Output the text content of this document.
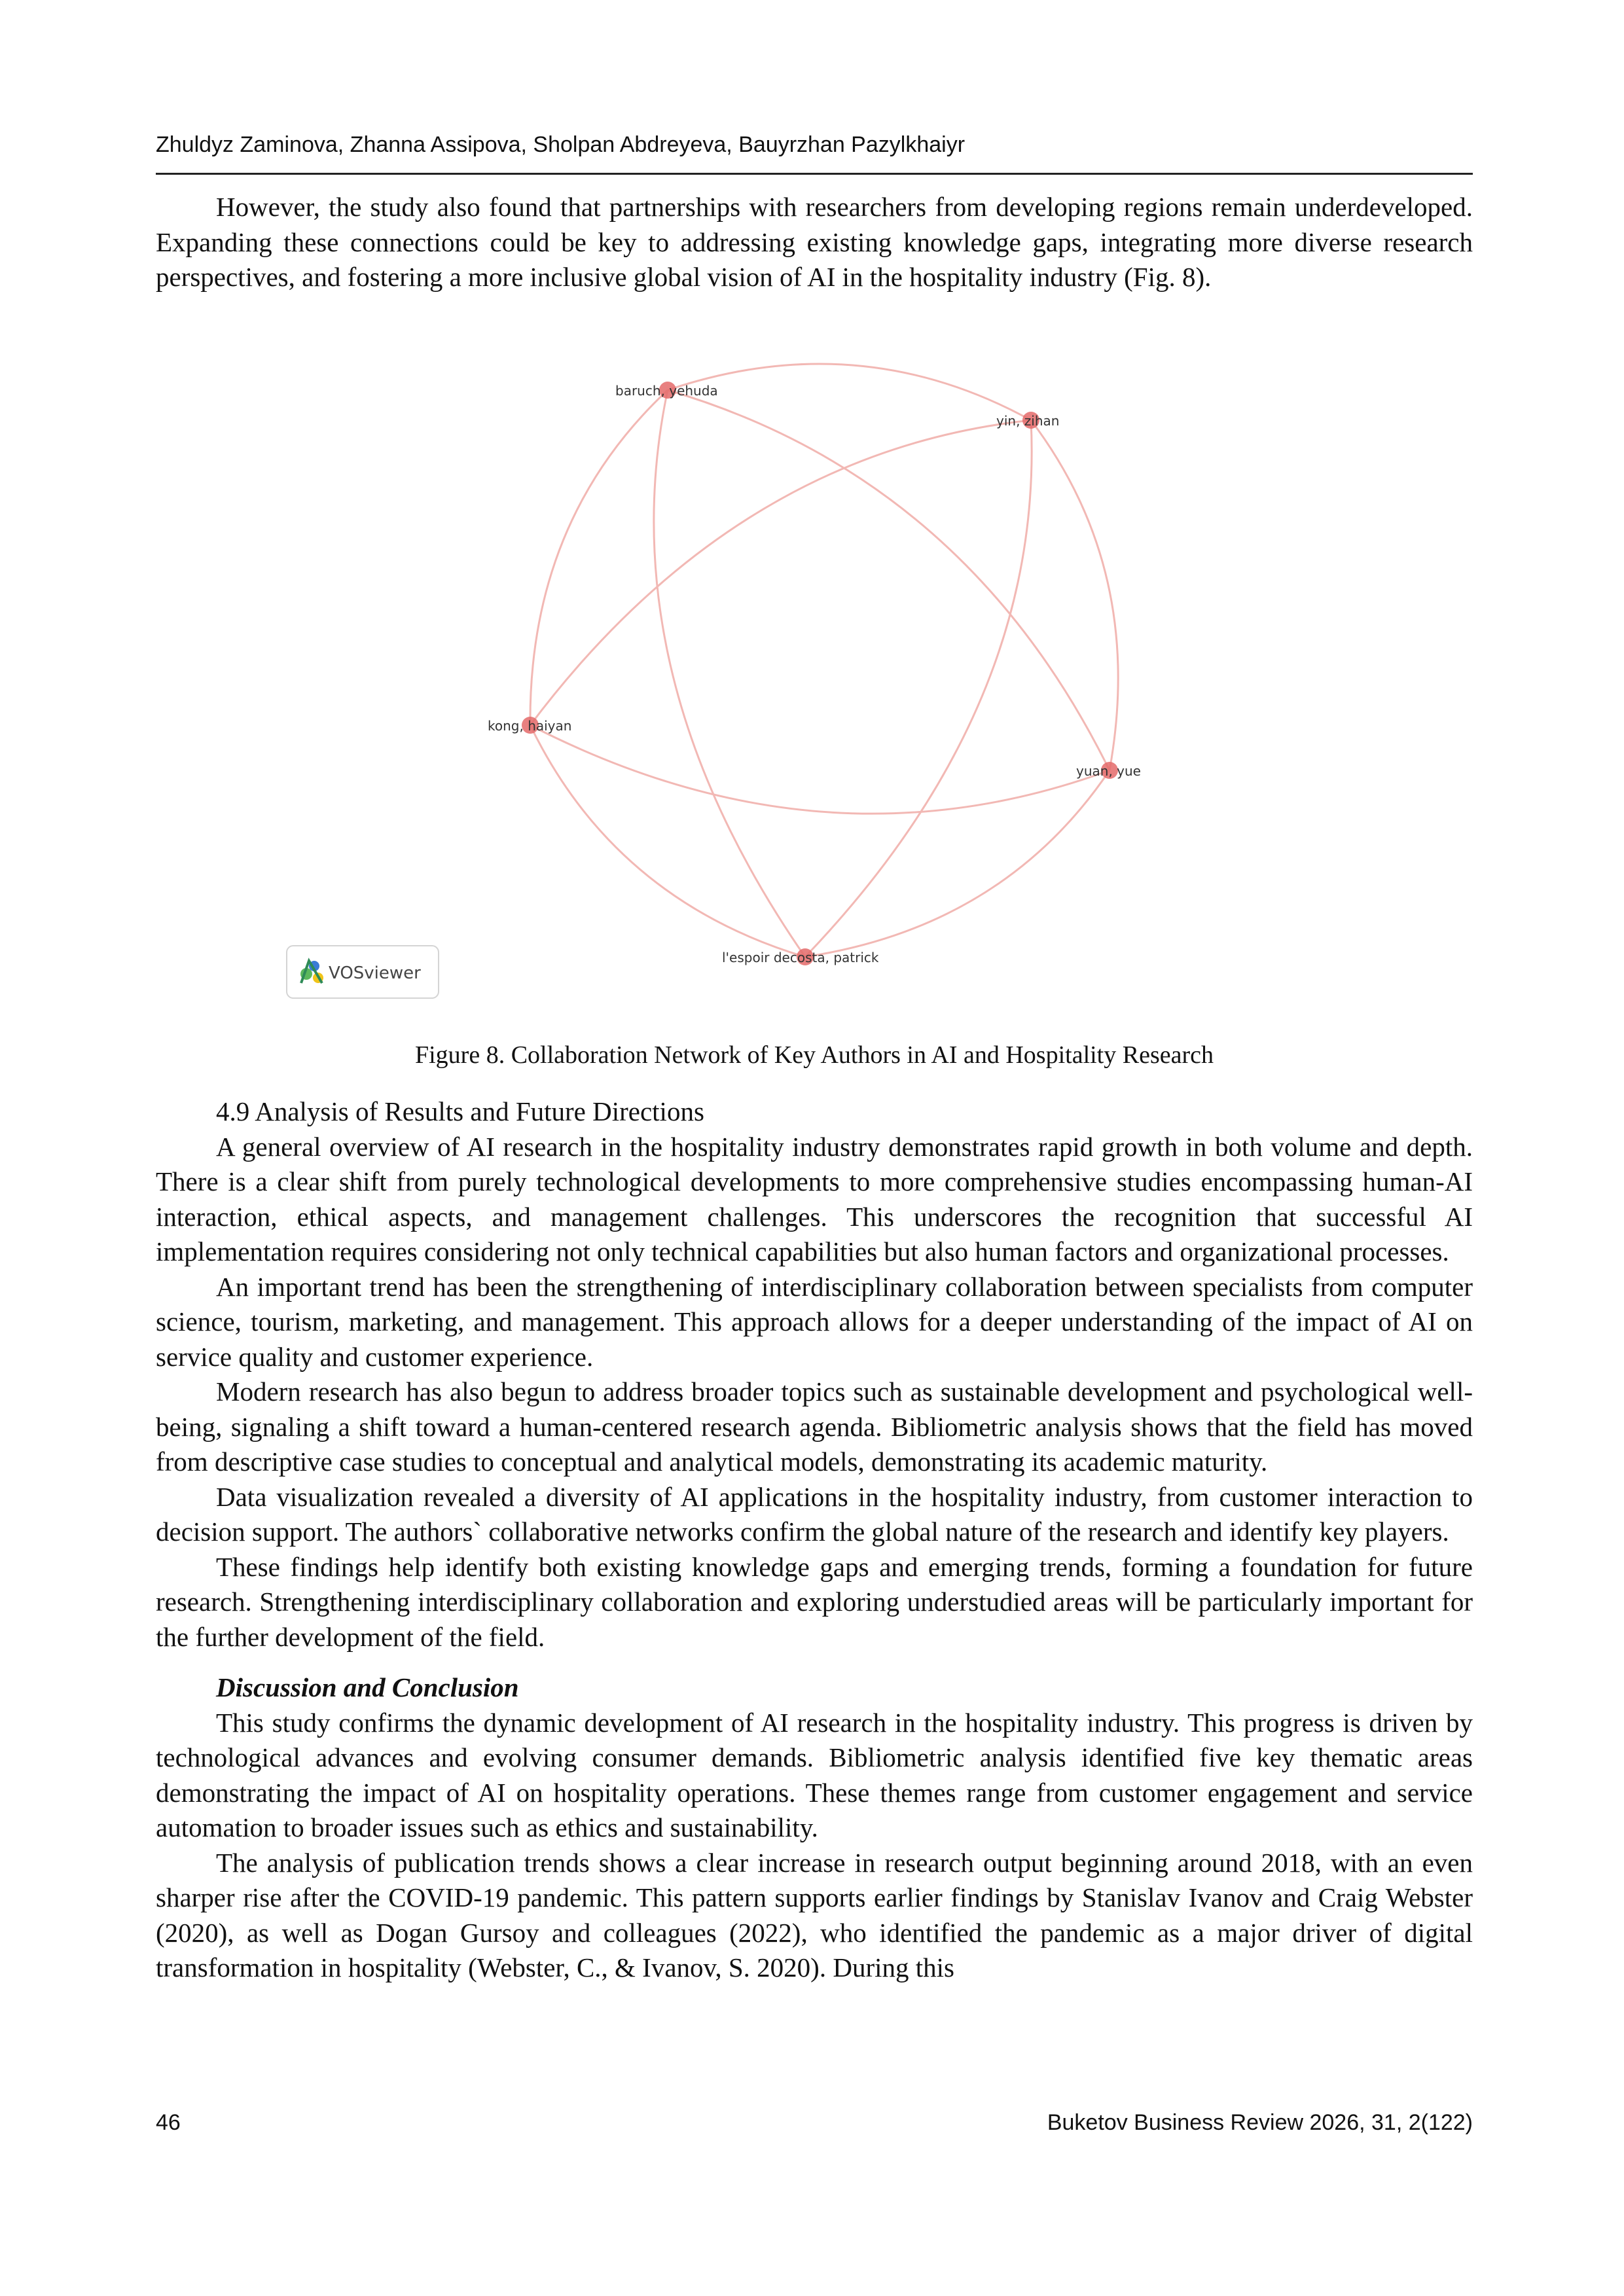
Zhuldyz Zaminova, Zhanna Assipova, Sholpan Abdreyeva, Bauyrzhan Pazylkhaiyr

However, the study also found that partnerships with researchers from developing regions remain underdeveloped. Expanding these connections could be key to addressing existing knowledge gaps, integrating more diverse research perspectives, and fostering a more inclusive global vision of AI in the hospitality industry (Fig. 8).

baruch, yehuda
yin, zihan
kong, haiyan
yuan, yue
l'espoir decosta, patrick
VOSviewer
Figure 8. Collaboration Network of Key Authors in AI and Hospitality Research

4.9 Analysis of Results and Future Directions

A general overview of AI research in the hospitality industry demonstrates rapid growth in both volume and depth. There is a clear shift from purely technological developments to more comprehensive studies encompassing human-AI interaction, ethical aspects, and management challenges. This underscores the recognition that successful AI implementation requires considering not only technical capabilities but also human factors and organizational processes.

An important trend has been the strengthening of interdisciplinary collaboration between specialists from computer science, tourism, marketing, and management. This approach allows for a deeper understanding of the impact of AI on service quality and customer experience.

Modern research has also begun to address broader topics such as sustainable development and psychological well-being, signaling a shift toward a human-centered research agenda. Bibliometric analysis shows that the field has moved from descriptive case studies to conceptual and analytical models, demonstrating its academic maturity.

Data visualization revealed a diversity of AI applications in the hospitality industry, from customer interaction to decision support. The authors` collaborative networks confirm the global nature of the research and identify key players.

These findings help identify both existing knowledge gaps and emerging trends, forming a foundation for future research. Strengthening interdisciplinary collaboration and exploring understudied areas will be particularly important for the further development of the field.

Discussion and Conclusion

This study confirms the dynamic development of AI research in the hospitality industry. This progress is driven by technological advances and evolving consumer demands. Bibliometric analysis identified five key thematic areas demonstrating the impact of AI on hospitality operations. These themes range from customer engagement and service automation to broader issues such as ethics and sustainability.

The analysis of publication trends shows a clear increase in research output beginning around 2018, with an even sharper rise after the COVID-19 pandemic. This pattern supports earlier findings by Stanislav Ivanov and Craig Webster (2020), as well as Dogan Gursoy and colleagues (2022), who identified the pandemic as a major driver of digital transformation in hospitality (Webster, C., & Ivanov, S. 2020). During this

46	Buketov Business Review 2026, 31, 2(122)
